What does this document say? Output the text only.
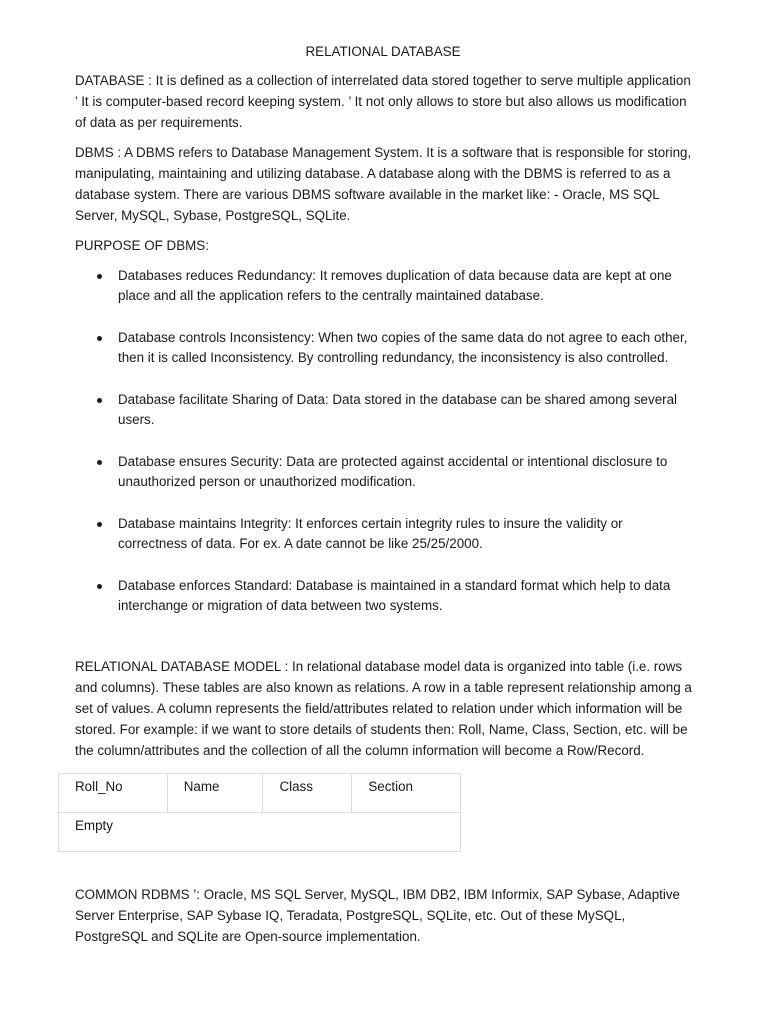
RELATIONAL DATABASE

DATABASE : It is defined as a collection of interrelated data stored together to serve multiple application ’ It is computer-based record keeping system. ’ It not only allows to store but also allows us modification of data as per requirements.

DBMS : A DBMS refers to Database Management System. It is a software that is responsible for storing, manipulating, maintaining and utilizing database. A database along with the DBMS is referred to as a database system. There are various DBMS software available in the market like: - Oracle, MS SQL Server, MySQL, Sybase, PostgreSQL, SQLite.

PURPOSE OF DBMS:

Databases reduces Redundancy: It removes duplication of data because data are kept at one place and all the application refers to the centrally maintained database.
Database controls Inconsistency: When two copies of the same data do not agree to each other, then it is called Inconsistency. By controlling redundancy, the inconsistency is also controlled.
Database facilitate Sharing of Data: Data stored in the database can be shared among several users.
Database ensures Security: Data are protected against accidental or intentional disclosure to unauthorized person or unauthorized modification.
Database maintains Integrity: It enforces certain integrity rules to insure the validity or correctness of data. For ex. A date cannot be like 25/25/2000.
Database enforces Standard: Database is maintained in a standard format which help to data interchange or migration of data between two systems.

RELATIONAL DATABASE MODEL : In relational database model data is organized into table (i.e. rows and columns). These tables are also known as relations. A row in a table represent relationship among a set of values. A column represents the field/attributes related to relation under which information will be stored. For example: if we want to store details of students then: Roll, Name, Class, Section, etc. will be the column/attributes and the collection of all the column information will become a Row/Record.

Roll_No	Name	Class	Section

Empty

COMMON RDBMS ’: Oracle, MS SQL Server, MySQL, IBM DB2, IBM Informix, SAP Sybase, Adaptive Server Enterprise, SAP Sybase IQ, Teradata, PostgreSQL, SQLite, etc. Out of these MySQL, PostgreSQL and SQLite are Open-source implementation.
